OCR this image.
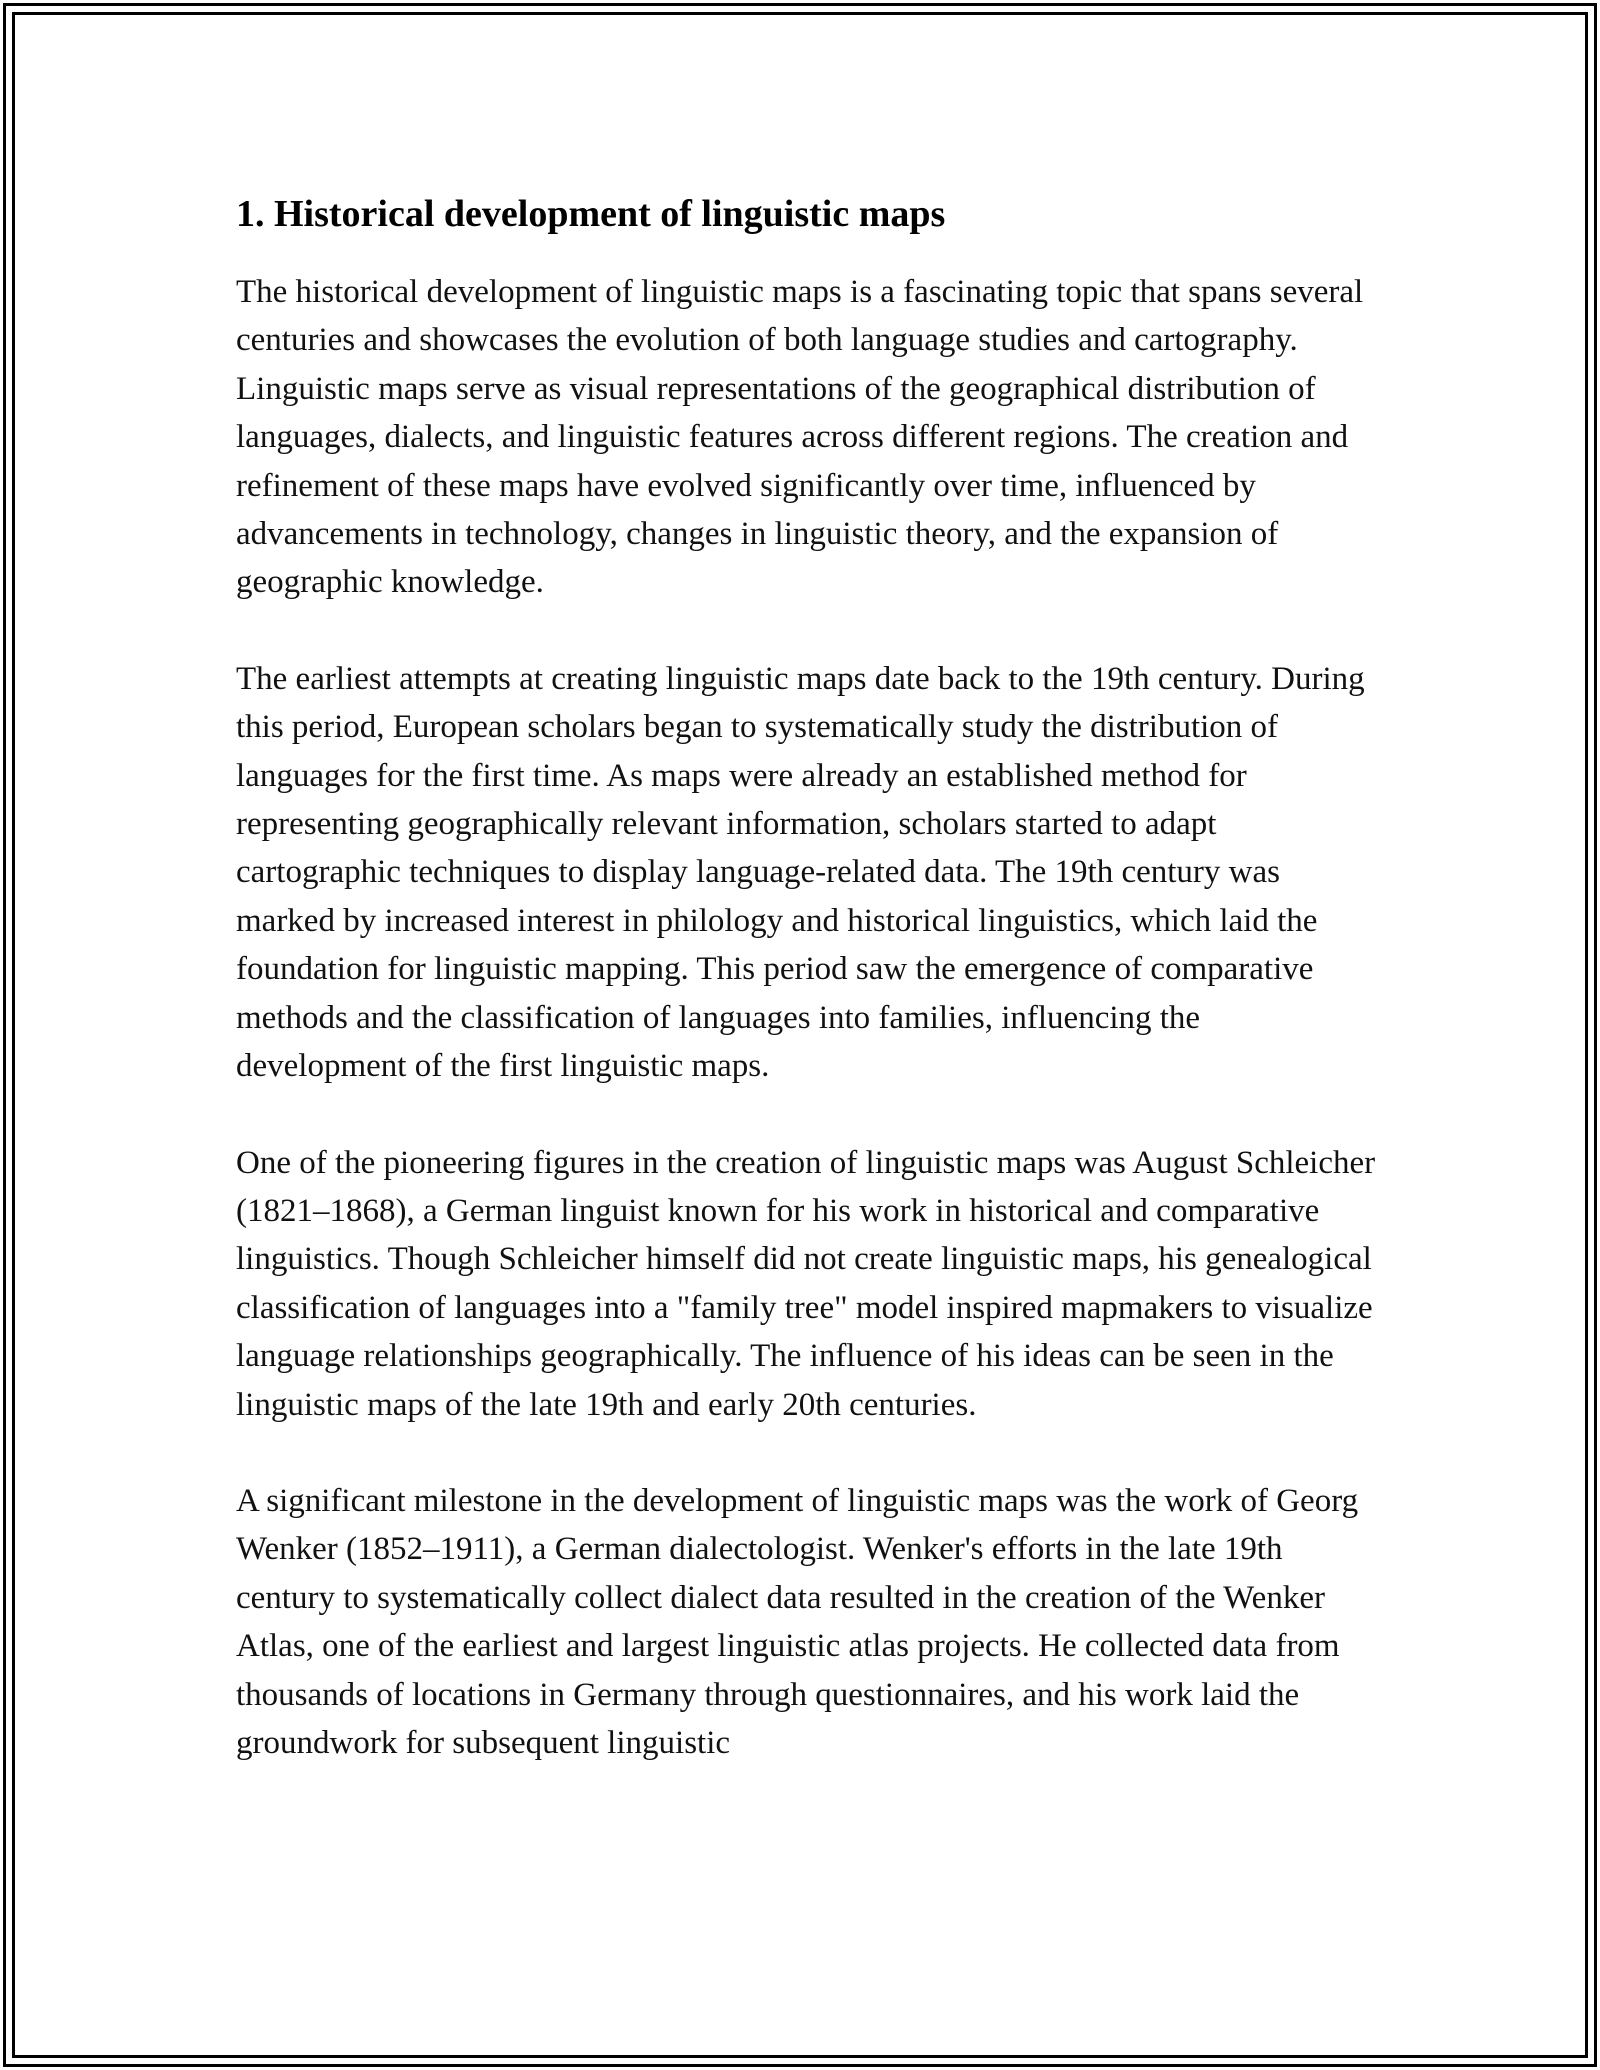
1. Historical development of linguistic maps

The historical development of linguistic maps is a fascinating topic that spans several centuries and showcases the evolution of both language studies and cartography. Linguistic maps serve as visual representations of the geographical distribution of languages, dialects, and linguistic features across different regions. The creation and refinement of these maps have evolved significantly over time, influenced by advancements in technology, changes in linguistic theory, and the expansion of geographic knowledge.

The earliest attempts at creating linguistic maps date back to the 19th century. During this period, European scholars began to systematically study the distribution of languages for the first time. As maps were already an established method for representing geographically relevant information, scholars started to adapt cartographic techniques to display language-related data. The 19th century was marked by increased interest in philology and historical linguistics, which laid the foundation for linguistic mapping. This period saw the emergence of comparative methods and the classification of languages into families, influencing the development of the first linguistic maps.

One of the pioneering figures in the creation of linguistic maps was August Schleicher (1821–1868), a German linguist known for his work in historical and comparative linguistics. Though Schleicher himself did not create linguistic maps, his genealogical classification of languages into a "family tree" model inspired mapmakers to visualize language relationships geographically. The influence of his ideas can be seen in the linguistic maps of the late 19th and early 20th centuries.

A significant milestone in the development of linguistic maps was the work of Georg Wenker (1852–1911), a German dialectologist. Wenker's efforts in the late 19th century to systematically collect dialect data resulted in the creation of the Wenker Atlas, one of the earliest and largest linguistic atlas projects. He collected data from thousands of locations in Germany through questionnaires, and his work laid the groundwork for subsequent linguistic
